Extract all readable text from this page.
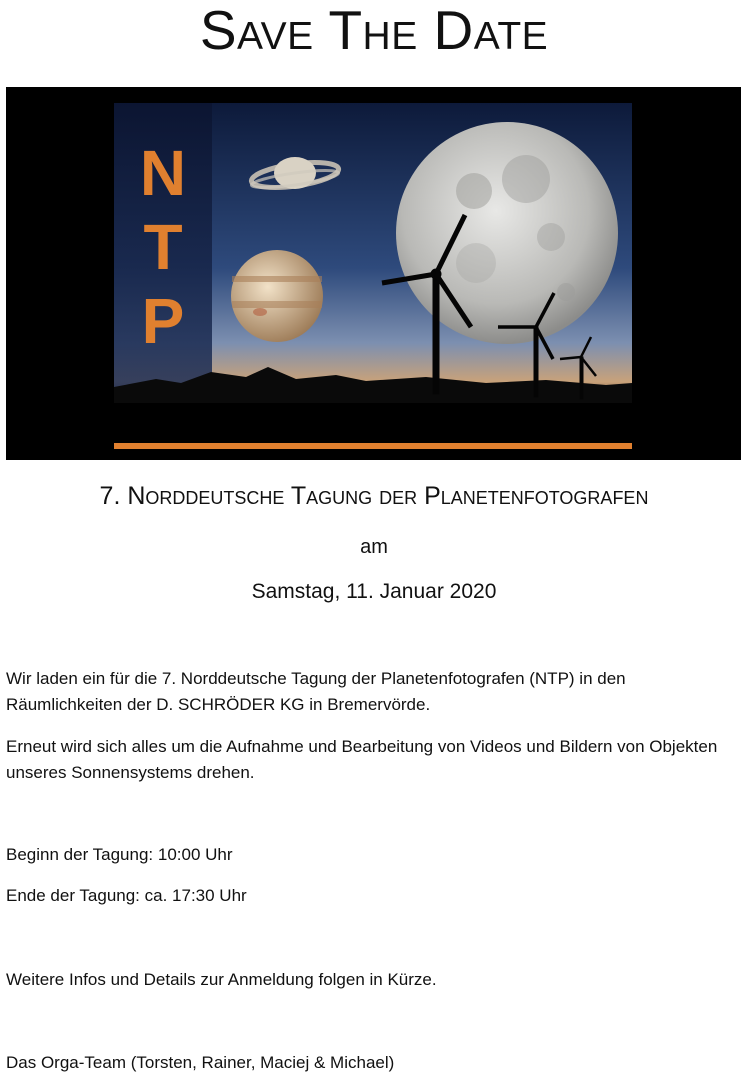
Save The Date
N
T
P
7. Norddeutsche Tagung der Planetenfotografen
am
Samstag, 11. Januar 2020
Wir laden ein für die 7. Norddeutsche Tagung der Planetenfotografen (NTP) in den Räumlichkeiten der D. SCHRÖDER KG in Bremervörde.
Erneut wird sich alles um die Aufnahme und Bearbeitung von Videos und Bildern von Objekten unseres Sonnensystems drehen.
Beginn der Tagung: 10:00 Uhr
Ende der Tagung: ca. 17:30 Uhr
Weitere Infos und Details zur Anmeldung folgen in Kürze.
Das Orga-Team (Torsten, Rainer, Maciej & Michael)
